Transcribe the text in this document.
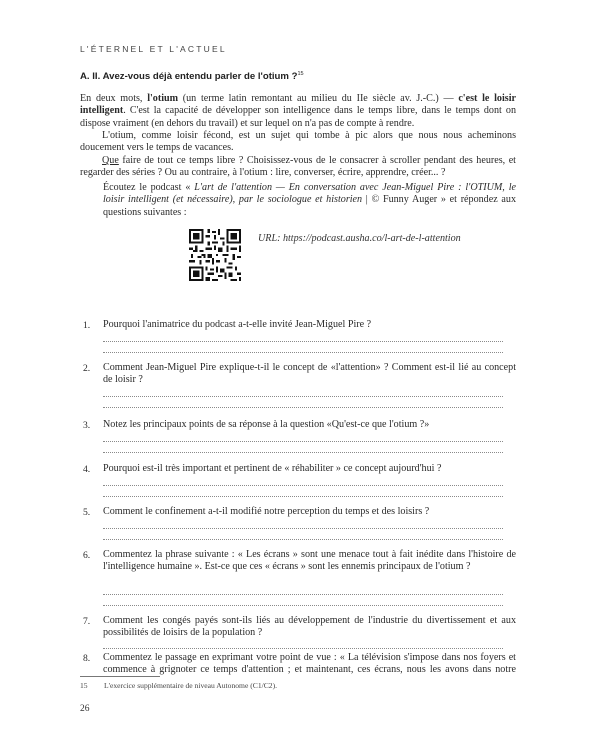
L'ÉTERNEL ET L'ACTUEL
A. II. Avez-vous déjà entendu parler de l'otium ?$^{15}$
En deux mots, l'otium (un terme latin remontant au milieu du IIe siècle av. J.-C.) — c'est le loisir intelligent. C'est la capacité de développer son intelligence dans le temps libre, dans le temps dont on dispose vraiment (en dehors du travail) et sur lequel on n'a pas de compte à rendre.
L'otium, comme loisir fécond, est un sujet qui tombe à pic alors que nous nous acheminons doucement vers le temps de vacances.
Que faire de tout ce temps libre ? Choisissez-vous de le consacrer à scroller pendant des heures, et regarder des séries ? Ou au contraire, à l'otium : lire, converser, écrire, apprendre, créer... ?
Écoutez le podcast « L'art de l'attention — En conversation avec Jean-Miguel Pire : l'OTIUM, le loisir intelligent (et nécessaire), par le sociologue et historien | © Funny Auger » et répondez aux questions suivantes :
URL: https://podcast.ausha.co/l-art-de-l-attention
1. Pourquoi l'animatrice du podcast a-t-elle invité Jean-Miguel Pire ?
2. Comment Jean-Miguel Pire explique-t-il le concept de «l'attention» ? Comment est-il lié au concept de loisir ?
3. Notez les principaux points de sa réponse à la question «Qu'est-ce que l'otium ?»
4. Pourquoi est-il très important et pertinent de « réhabiliter » ce concept aujourd'hui ?
5. Comment le confinement a-t-il modifié notre perception du temps et des loisirs ?
6. Commentez la phrase suivante : « Les écrans » sont une menace tout à fait inédite dans l'histoire de l'intelligence humaine ». Est-ce que ces « écrans » sont les ennemis principaux de l'otium ?
7. Comment les congés payés sont-ils liés au développement de l'industrie du divertissement et aux possibilités de loisirs de la population ?
8. Commentez le passage en exprimant votre point de vue : « La télévision s'impose dans nos foyers et commence à grignoter ce temps d'attention ; et maintenant, ces écrans, nous les avons dans notre
15 L'exercice supplémentaire de niveau Autonome (C1/C2).
26
